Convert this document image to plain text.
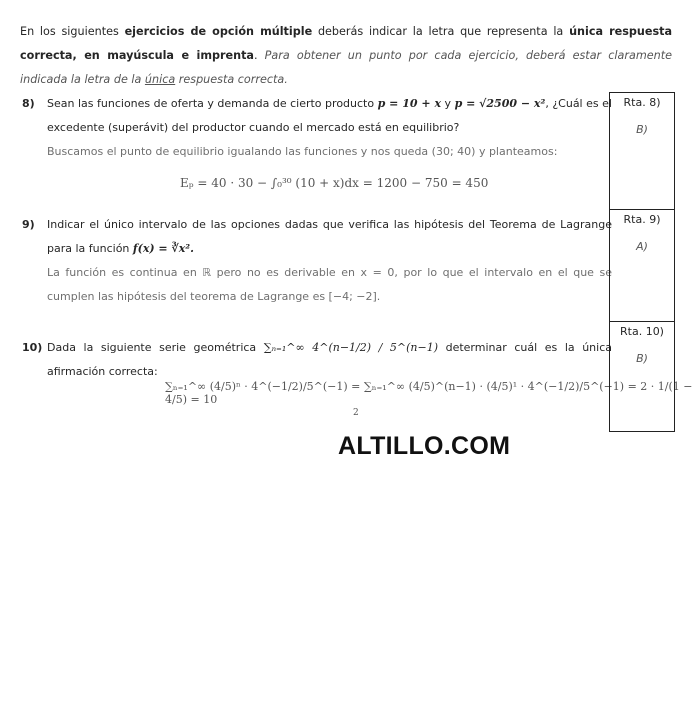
En los siguientes ejercicios de opción múltiple deberás indicar la letra que representa la única respuesta correcta, en mayúscula e imprenta. Para obtener un punto por cada ejercicio, deberá estar claramente indicada la letra de la única respuesta correcta.
8) Sean las funciones de oferta y demanda de cierto producto p = 10 + x y p = √2500 − x², ¿Cuál es el excedente (superávit) del productor cuando el mercado está en equilibrio?
Buscamos el punto de equilibrio igualando las funciones y nos queda (30; 40) y planteamos:
Eₚ = 40 · 30 − ∫₀³⁰ (10 + x)dx = 1200 − 750 = 450
9) Indicar el único intervalo de las opciones dadas que verifica las hipótesis del Teorema de Lagrange para la función f(x) = ∛x².
La función es continua en ℝ pero no es derivable en x = 0, por lo que el intervalo en el que se cumplen las hipótesis del teorema de Lagrange es [−4; −2].
10) Dada la siguiente serie geométrica ∑ₙ₌₁^∞ 4^(n−1/2) / 5^(n−1) determinar cuál es la única afirmación correcta:
∑ₙ₌₁^∞ (4/5)ⁿ · 4^(−1/2)/5^(−1) = ∑ₙ₌₁^∞ (4/5)^(n−1) · (4/5)¹ · 4^(−1/2)/5^(−1) = 2 · 1/(1 − 4/5) = 10
2
Rta. 8)
B)
Rta. 9)
A)
Rta. 10)
B)
ALTILLO.COM
